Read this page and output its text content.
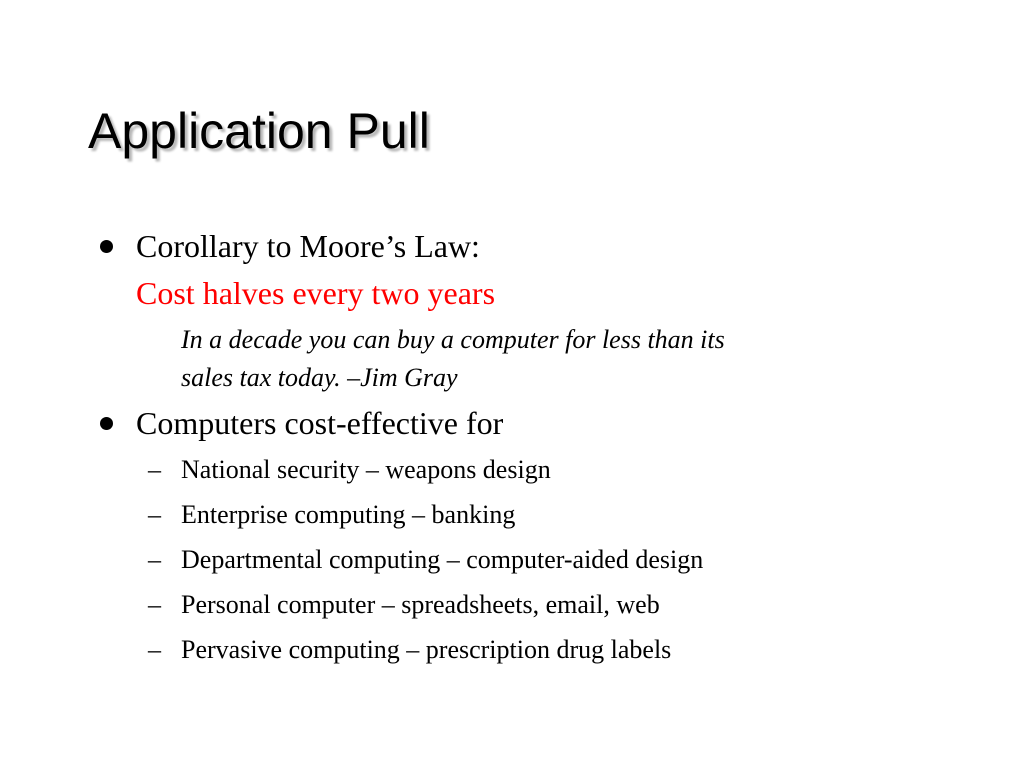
Application Pull
Corollary to Moore’s Law:
Cost halves every two years
In a decade you can buy a computer for less than its
sales tax today. –Jim Gray
Computers cost-effective for
– National security – weapons design
– Enterprise computing – banking
– Departmental computing – computer-aided design
– Personal computer – spreadsheets, email, web
– Pervasive computing – prescription drug labels
